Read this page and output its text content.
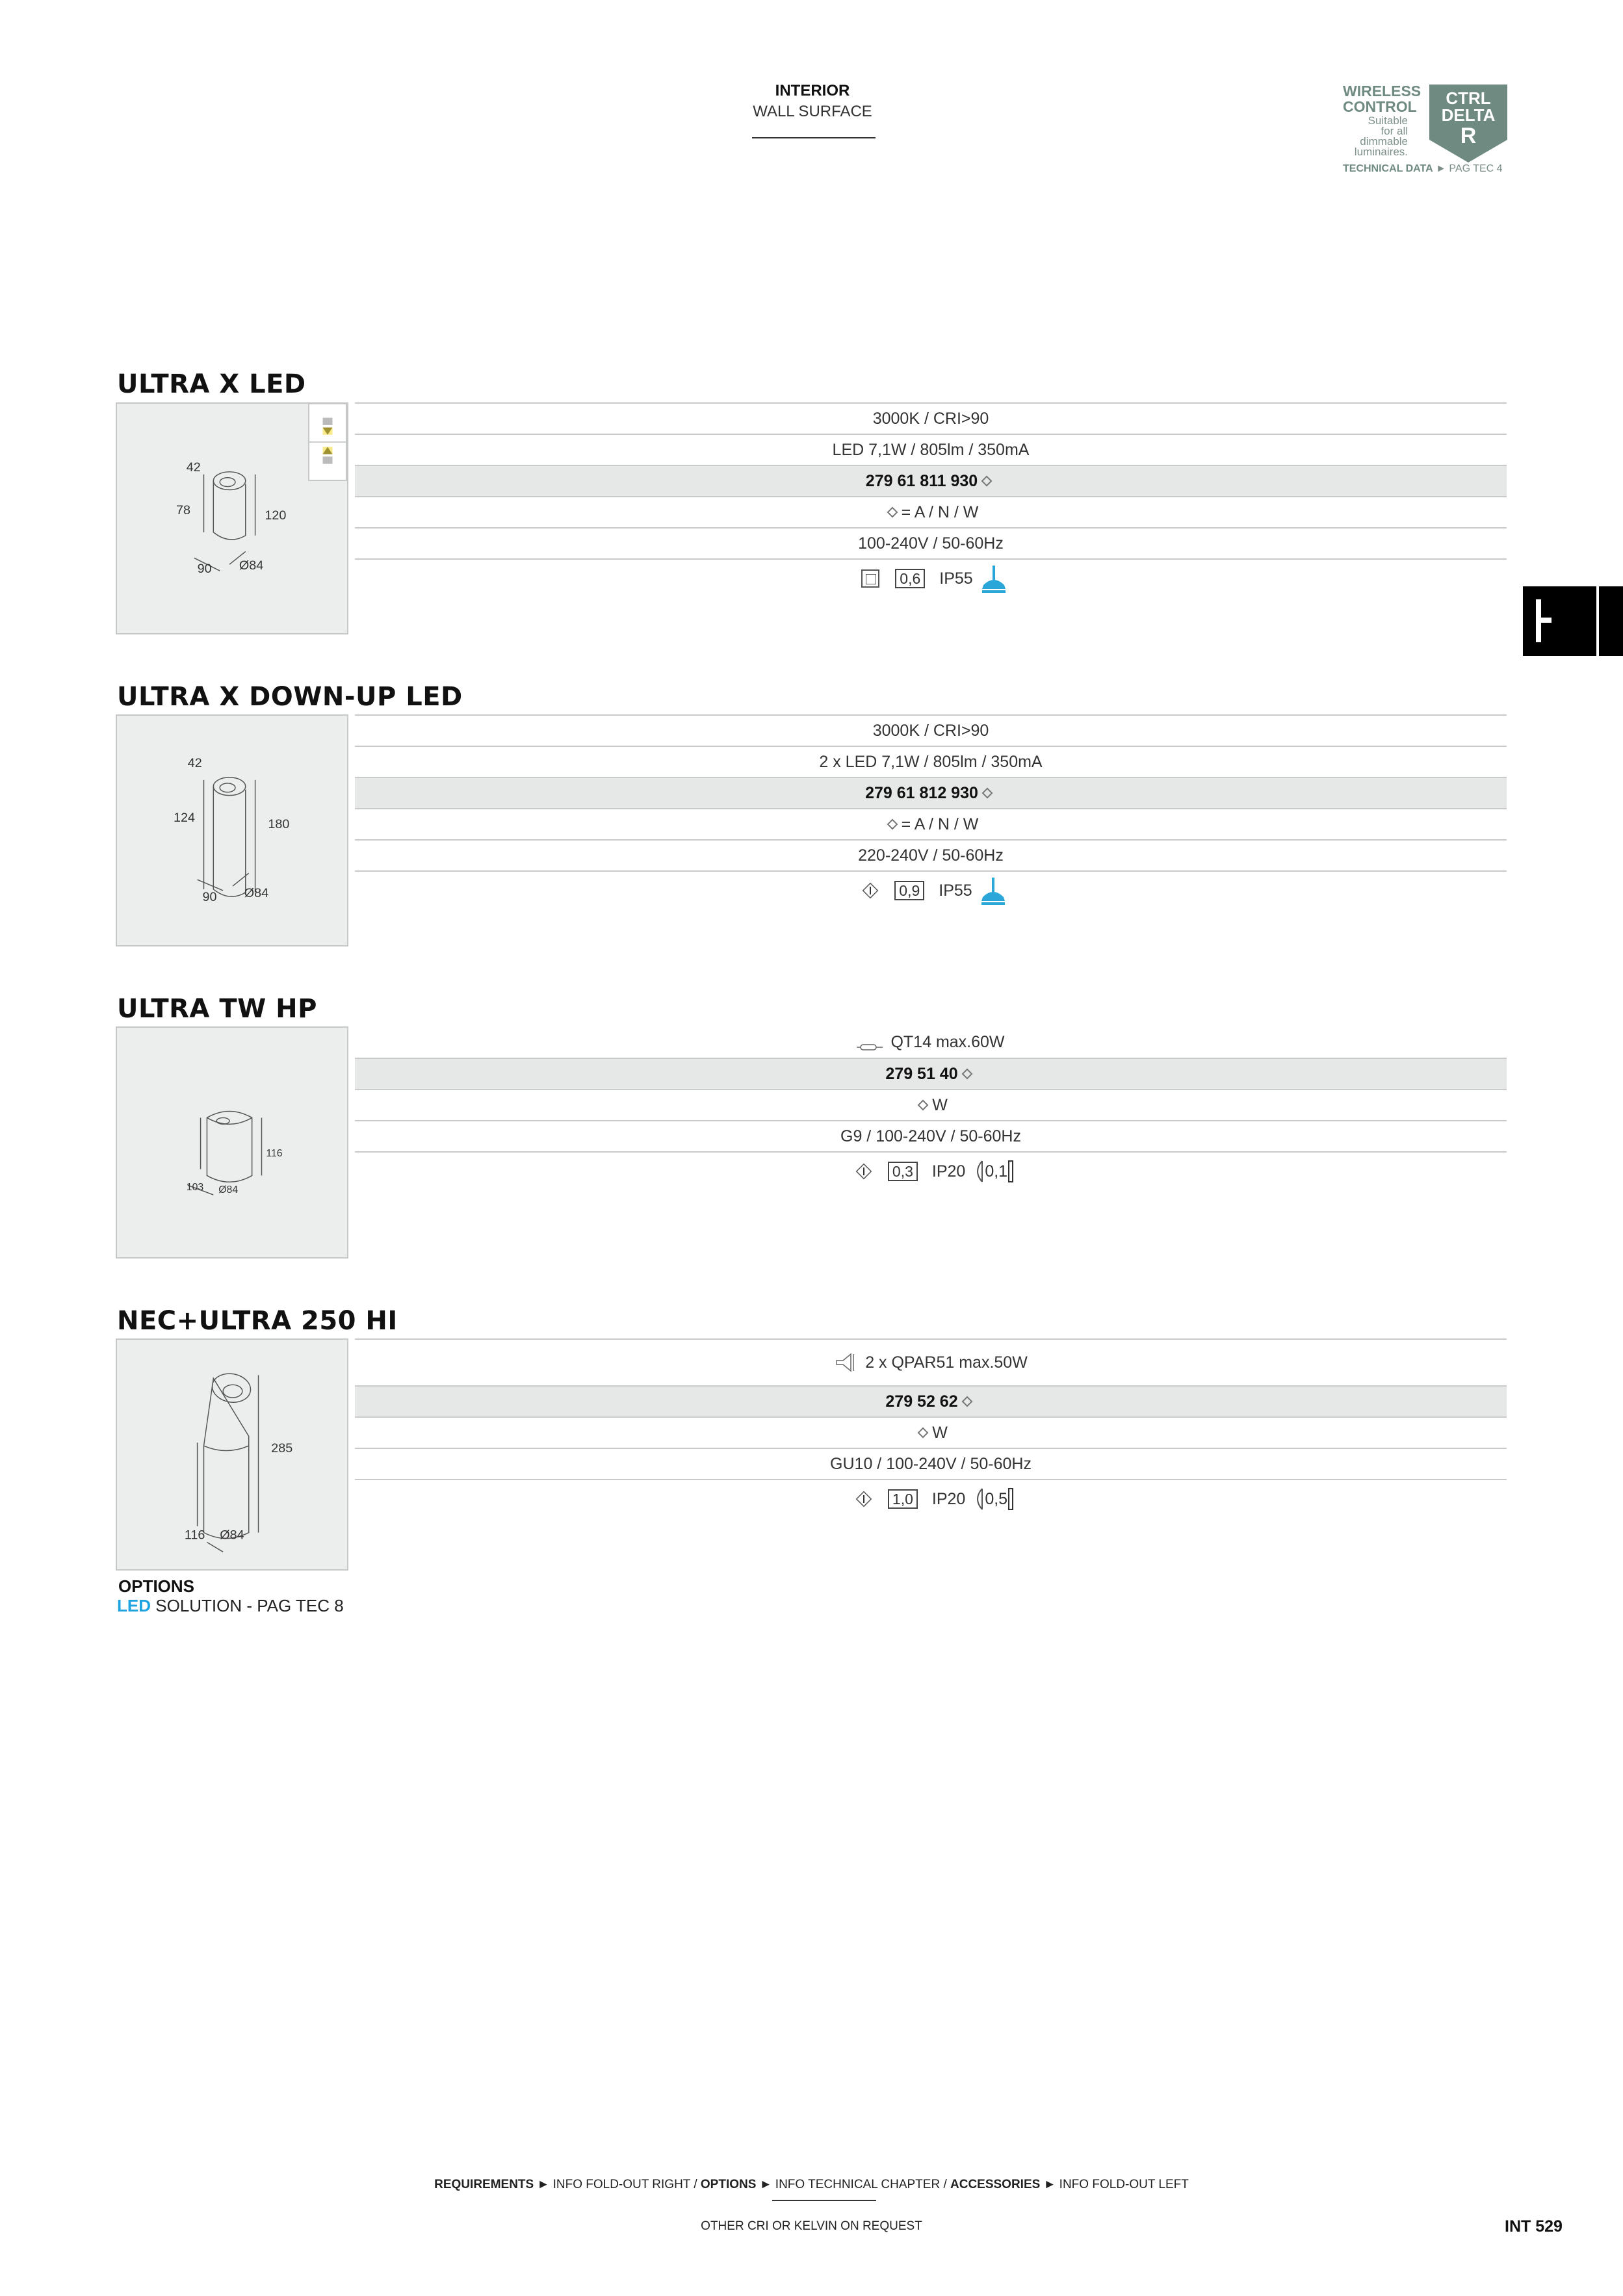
INTERIOR
WALL SURFACE
WIRELESS
CONTROL
Suitable
for all
dimmable
luminaires.
CTRL
DELTA
R
TECHNICAL DATA ► PAG TEC 4
ULTRA X LED
42
78	120
90 Ø84
3000K / CRI>90
LED 7,1W / 805lm / 350mA
279 61 811 930
= A / N / W
100-240V / 50-60Hz
0,6 IP55
ULTRA X DOWN-UP LED
42
124	180
90 Ø84
3000K / CRI>90
2 x LED 7,1W / 805lm / 350mA
279 61 812 930
= A / N / W
220-240V / 50-60Hz
0,9 IP55
ULTRA TW HP
116
103 Ø84
QT14 max.60W
279 51 40
W
G9 / 100-240V / 50-60Hz
0,3 IP20 0,1
NEC+ULTRA 250 HI
285
116 Ø84
2 x QPAR51 max.50W
279 52 62
W
GU10 / 100-240V / 50-60Hz
1,0 IP20 0,5
OPTIONS
LED SOLUTION - PAG TEC 8
REQUIREMENTS ► INFO FOLD-OUT RIGHT / OPTIONS ► INFO TECHNICAL CHAPTER / ACCESSORIES ► INFO FOLD-OUT LEFT
OTHER CRI OR KELVIN ON REQUEST	INT 529
